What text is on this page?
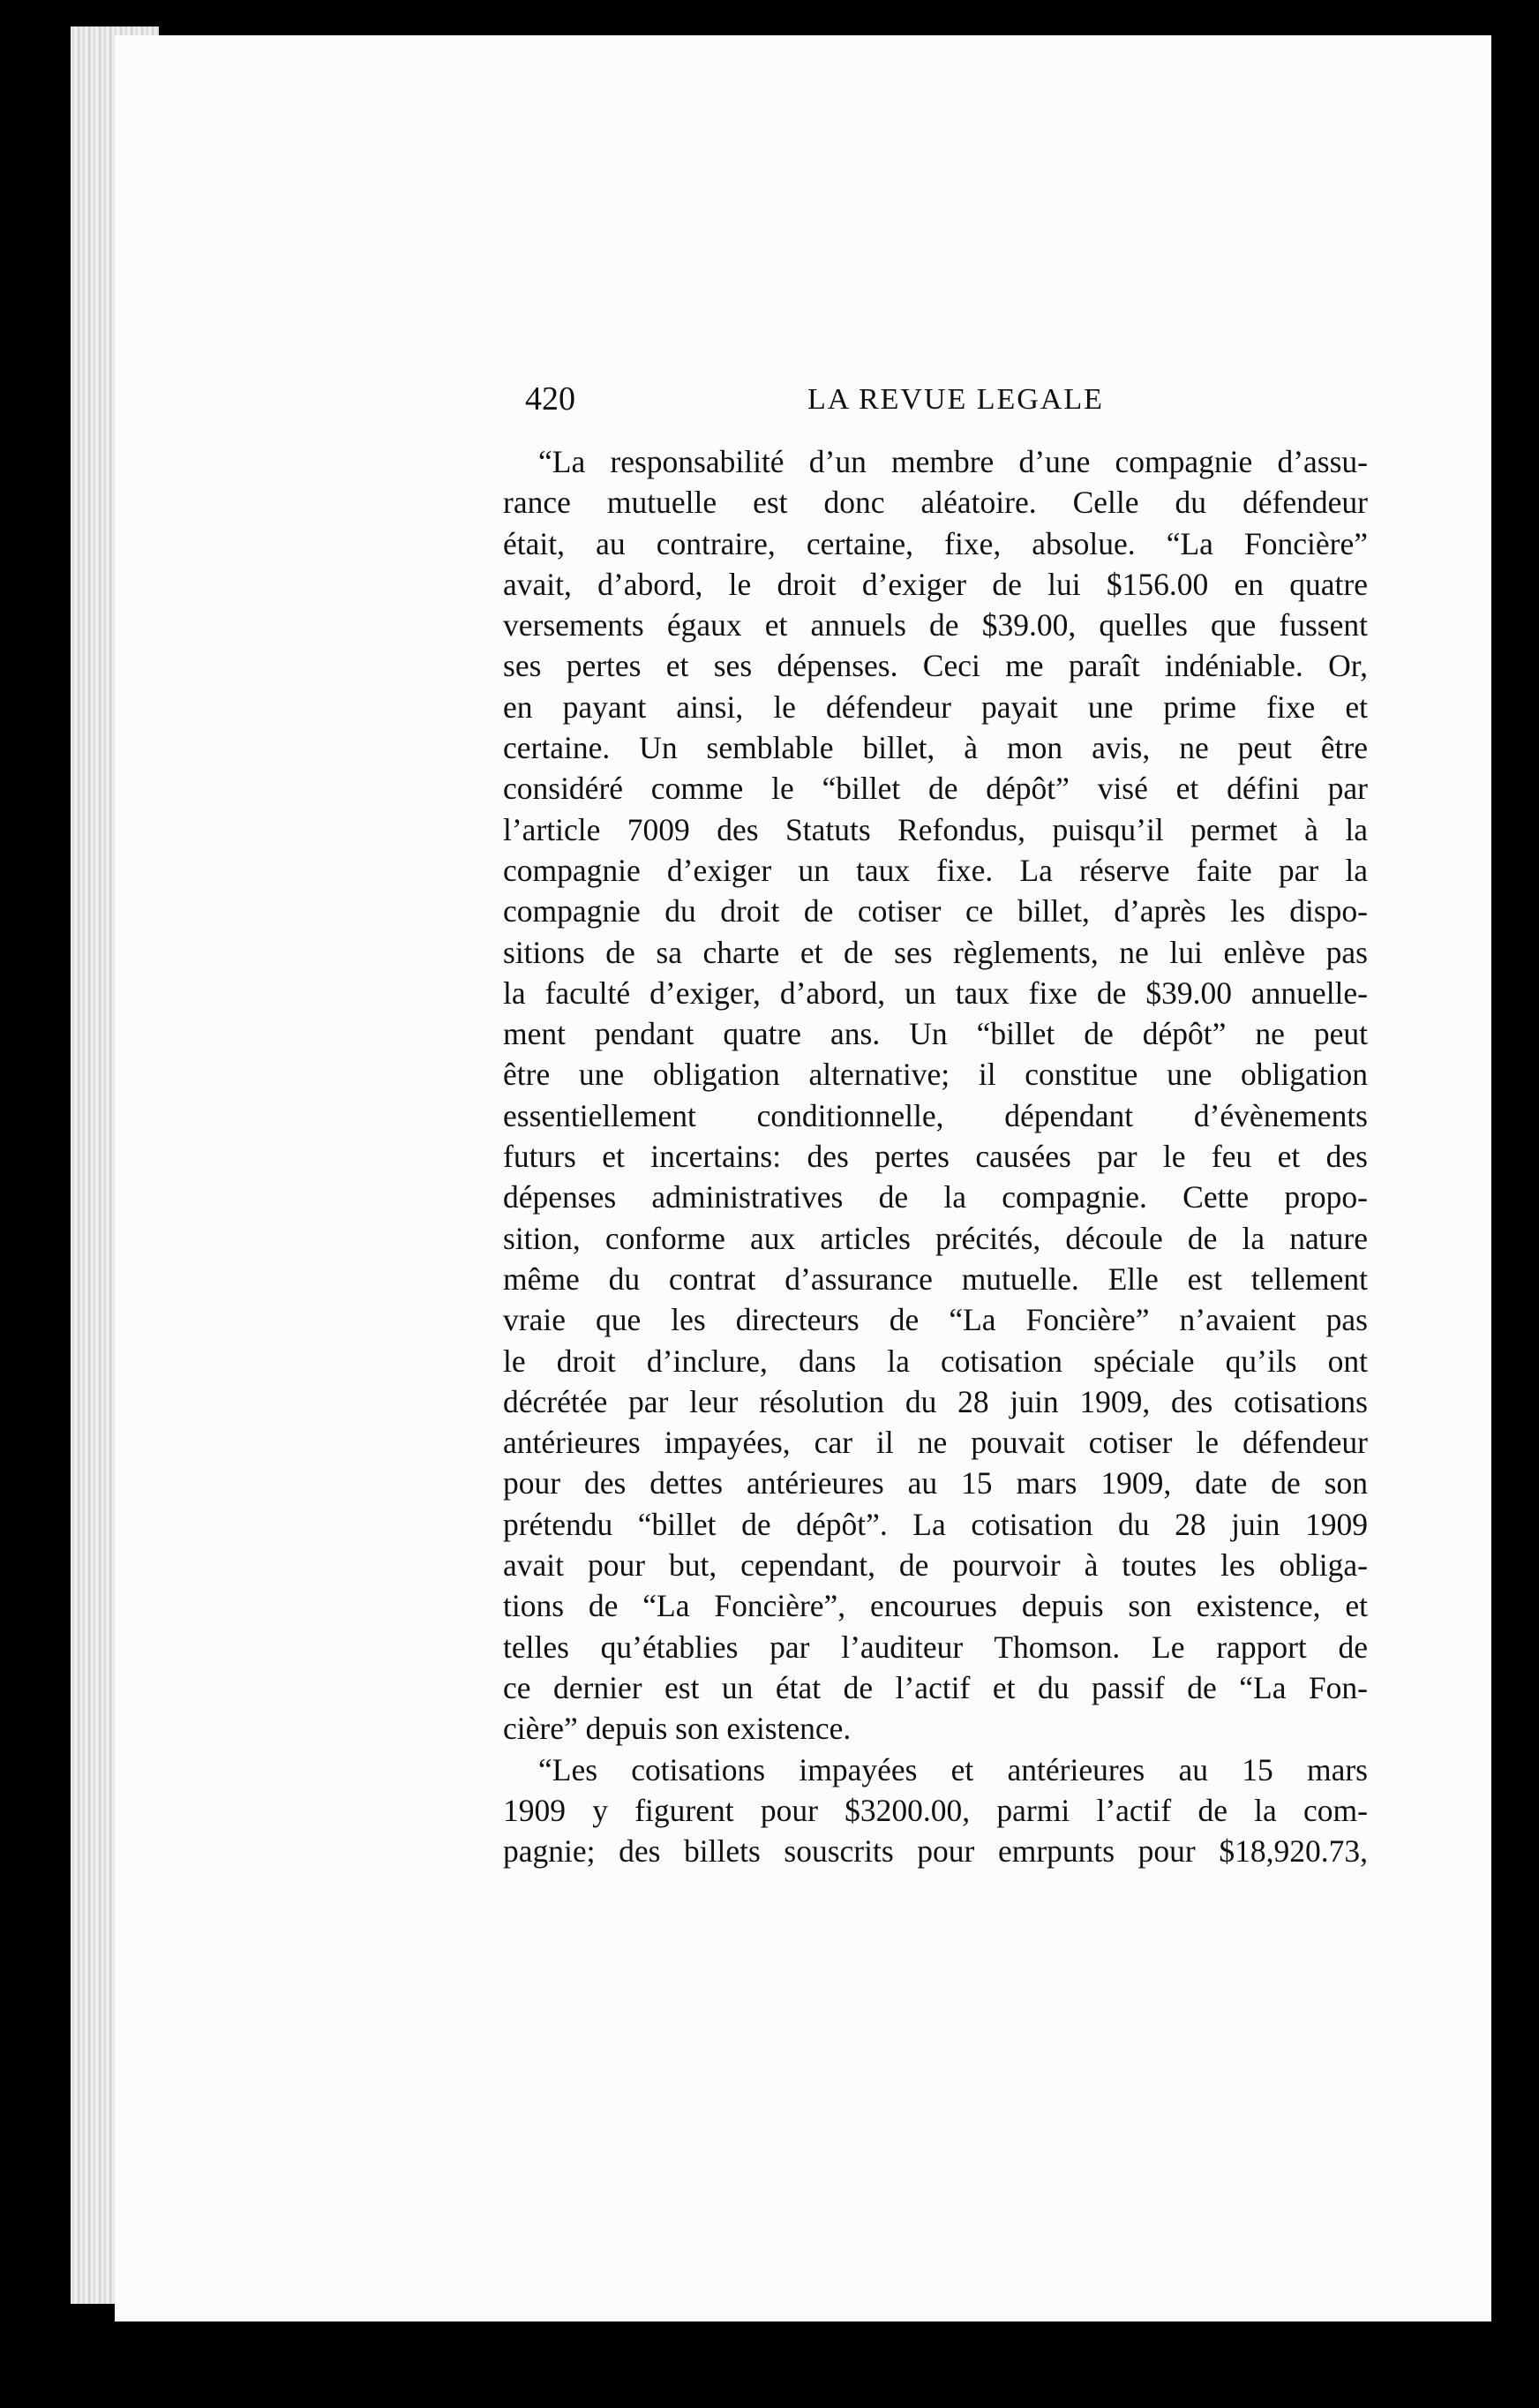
420	LA REVUE LEGALE
“La responsabilité d’un membre d’une compagnie d’assu-
rance mutuelle est donc aléatoire. Celle du défendeur
était, au contraire, certaine, fixe, absolue. “La Foncière”
avait, d’abord, le droit d’exiger de lui $156.00 en quatre
versements égaux et annuels de $39.00, quelles que fussent
ses pertes et ses dépenses. Ceci me paraît indéniable. Or,
en payant ainsi, le défendeur payait une prime fixe et
certaine. Un semblable billet, à mon avis, ne peut être
considéré comme le “billet de dépôt” visé et défini par
l’article 7009 des Statuts Refondus, puisqu’il permet à la
compagnie d’exiger un taux fixe. La réserve faite par la
compagnie du droit de cotiser ce billet, d’après les dispo-
sitions de sa charte et de ses règlements, ne lui enlève pas
la faculté d’exiger, d’abord, un taux fixe de $39.00 annuelle-
ment pendant quatre ans. Un “billet de dépôt” ne peut
être une obligation alternative; il constitue une obligation
essentiellement conditionnelle, dépendant d’évènements
futurs et incertains: des pertes causées par le feu et des
dépenses administratives de la compagnie. Cette propo-
sition, conforme aux articles précités, découle de la nature
même du contrat d’assurance mutuelle. Elle est tellement
vraie que les directeurs de “La Foncière” n’avaient pas
le droit d’inclure, dans la cotisation spéciale qu’ils ont
décrétée par leur résolution du 28 juin 1909, des cotisations
antérieures impayées, car il ne pouvait cotiser le défendeur
pour des dettes antérieures au 15 mars 1909, date de son
prétendu “billet de dépôt”. La cotisation du 28 juin 1909
avait pour but, cependant, de pourvoir à toutes les obliga-
tions de “La Foncière”, encourues depuis son existence, et
telles qu’établies par l’auditeur Thomson. Le rapport de
ce dernier est un état de l’actif et du passif de “La Fon-
cière” depuis son existence.
“Les cotisations impayées et antérieures au 15 mars
1909 y figurent pour $3200.00, parmi l’actif de la com-
pagnie; des billets souscrits pour emrpunts pour $18,920.73,
